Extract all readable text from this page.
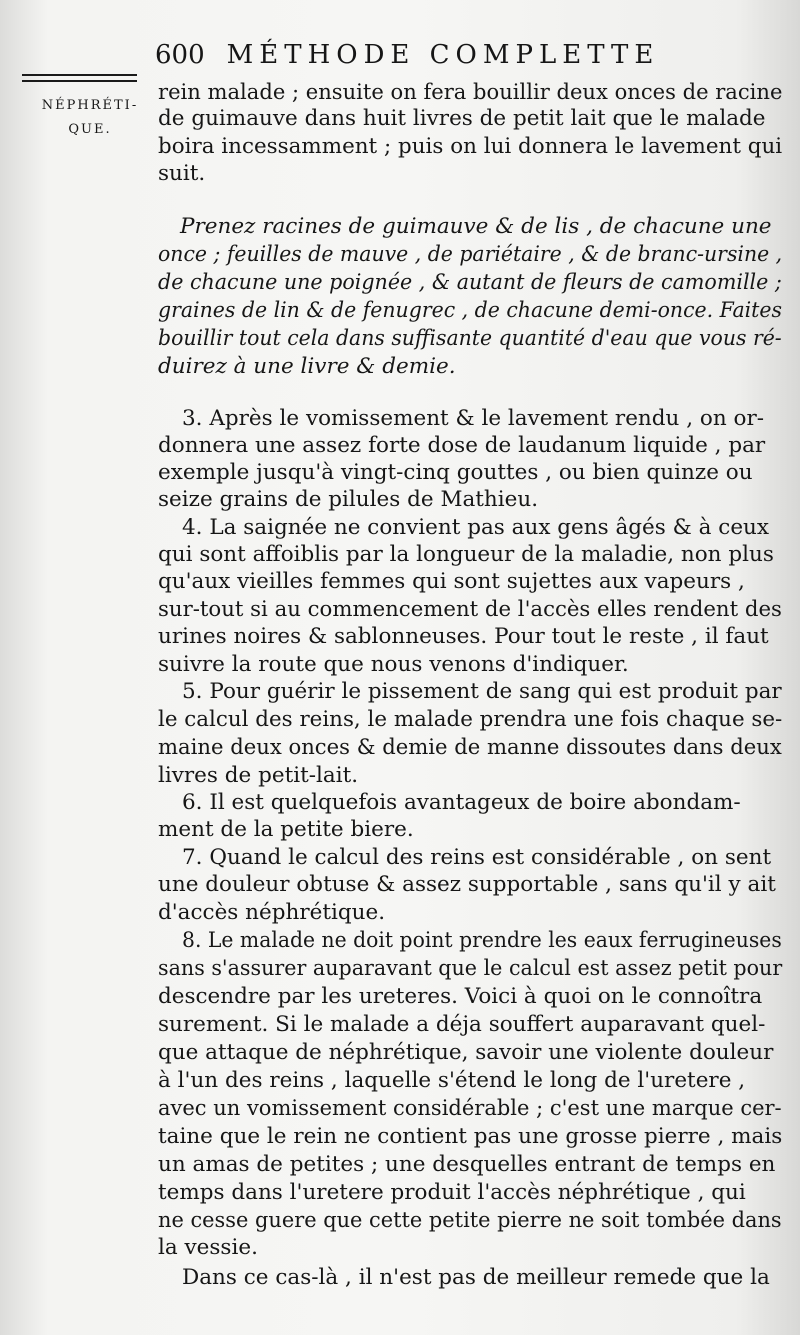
600 MÉTHODE COMPLETTE
NÉPHRÉTI-
QUE.
rein malade ; ensuite on fera bouillir deux onces de racine
de guimauve dans huit livres de petit lait que le malade
boira incessamment ; puis on lui donnera le lavement qui
suit.
Prenez racines de guimauve & de lis , de chacune une
once ; feuilles de mauve , de pariétaire , & de branc-ursine ,
de chacune une poignée , & autant de fleurs de camomille ;
graines de lin & de fenugrec , de chacune demi-once. Faites
bouillir tout cela dans suffisante quantité d'eau que vous ré-
duirez à une livre & demie.
3. Après le vomissement & le lavement rendu , on or-
donnera une assez forte dose de laudanum liquide , par
exemple jusqu'à vingt-cinq gouttes , ou bien quinze ou
seize grains de pilules de Mathieu.
4. La saignée ne convient pas aux gens âgés & à ceux
qui sont affoiblis par la longueur de la maladie, non plus
qu'aux vieilles femmes qui sont sujettes aux vapeurs ,
sur-tout si au commencement de l'accès elles rendent des
urines noires & sablonneuses. Pour tout le reste , il faut
suivre la route que nous venons d'indiquer.
5. Pour guérir le pissement de sang qui est produit par
le calcul des reins, le malade prendra une fois chaque se-
maine deux onces & demie de manne dissoutes dans deux
livres de petit-lait.
6. Il est quelquefois avantageux de boire abondam-
ment de la petite biere.
7. Quand le calcul des reins est considérable , on sent
une douleur obtuse & assez supportable , sans qu'il y ait
d'accès néphrétique.
8. Le malade ne doit point prendre les eaux ferrugineuses
sans s'assurer auparavant que le calcul est assez petit pour
descendre par les ureteres. Voici à quoi on le connoîtra
surement. Si le malade a déja souffert auparavant quel-
que attaque de néphrétique, savoir une violente douleur
à l'un des reins , laquelle s'étend le long de l'uretere ,
avec un vomissement considérable ; c'est une marque cer-
taine que le rein ne contient pas une grosse pierre , mais
un amas de petites ; une desquelles entrant de temps en
temps dans l'uretere produit l'accès néphrétique , qui
ne cesse guere que cette petite pierre ne soit tombée dans
la vessie.
Dans ce cas-là , il n'est pas de meilleur remede que la
